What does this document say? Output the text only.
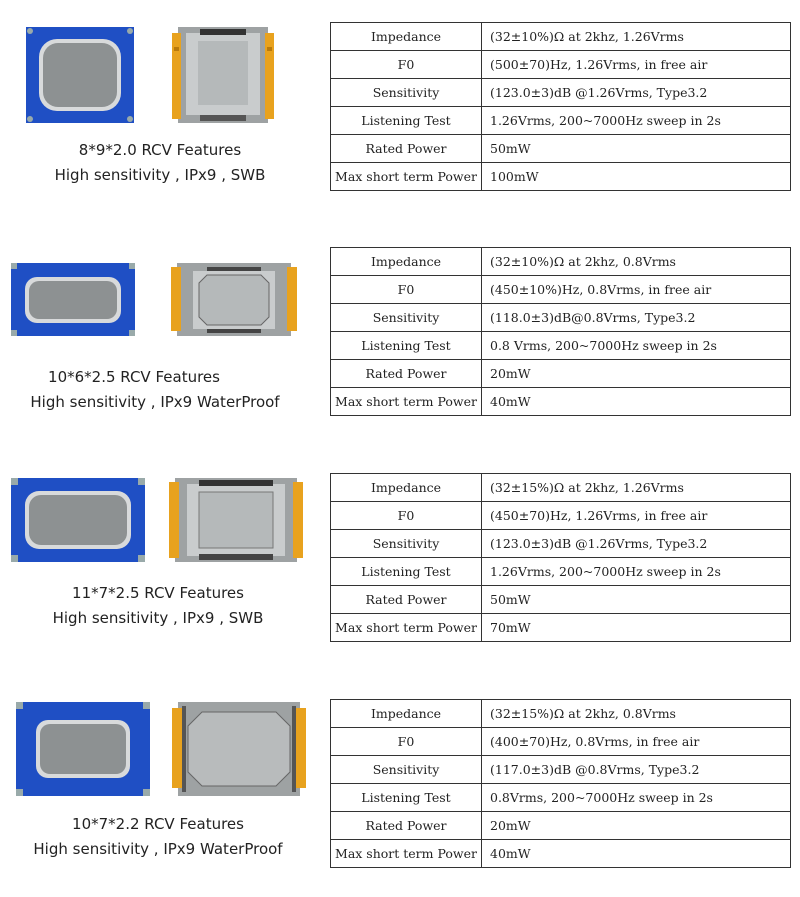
8*9*2.0 RCV Features
High sensitivity , IPx9 , SWB
Impedance	(32±10%)Ω at 2khz, 1.26Vrms
F0	(500±70)Hz, 1.26Vrms, in free air
Sensitivity	(123.0±3)dB @1.26Vrms, Type3.2
Listening Test	1.26Vrms, 200~7000Hz sweep in 2s
Rated Power	50mW
Max short term Power	100mW
10*6*2.5 RCV Features
High sensitivity , IPx9 WaterProof
Impedance	(32±10%)Ω at 2khz, 0.8Vrms
F0	(450±10%)Hz, 0.8Vrms, in free air
Sensitivity	(118.0±3)dB@0.8Vrms, Type3.2
Listening Test	0.8 Vrms, 200~7000Hz sweep in 2s
Rated Power	20mW
Max short term Power	40mW
11*7*2.5 RCV Features
High sensitivity , IPx9 , SWB
Impedance	(32±15%)Ω at 2khz, 1.26Vrms
F0	(450±70)Hz, 1.26Vrms, in free air
Sensitivity	(123.0±3)dB @1.26Vrms, Type3.2
Listening Test	1.26Vrms, 200~7000Hz sweep in 2s
Rated Power	50mW
Max short term Power	70mW
10*7*2.2 RCV Features
High sensitivity , IPx9 WaterProof
Impedance	(32±15%)Ω at 2khz, 0.8Vrms
F0	(400±70)Hz, 0.8Vrms, in free air
Sensitivity	(117.0±3)dB @0.8Vrms, Type3.2
Listening Test	0.8Vrms, 200~7000Hz sweep in 2s
Rated Power	20mW
Max short term Power	40mW
